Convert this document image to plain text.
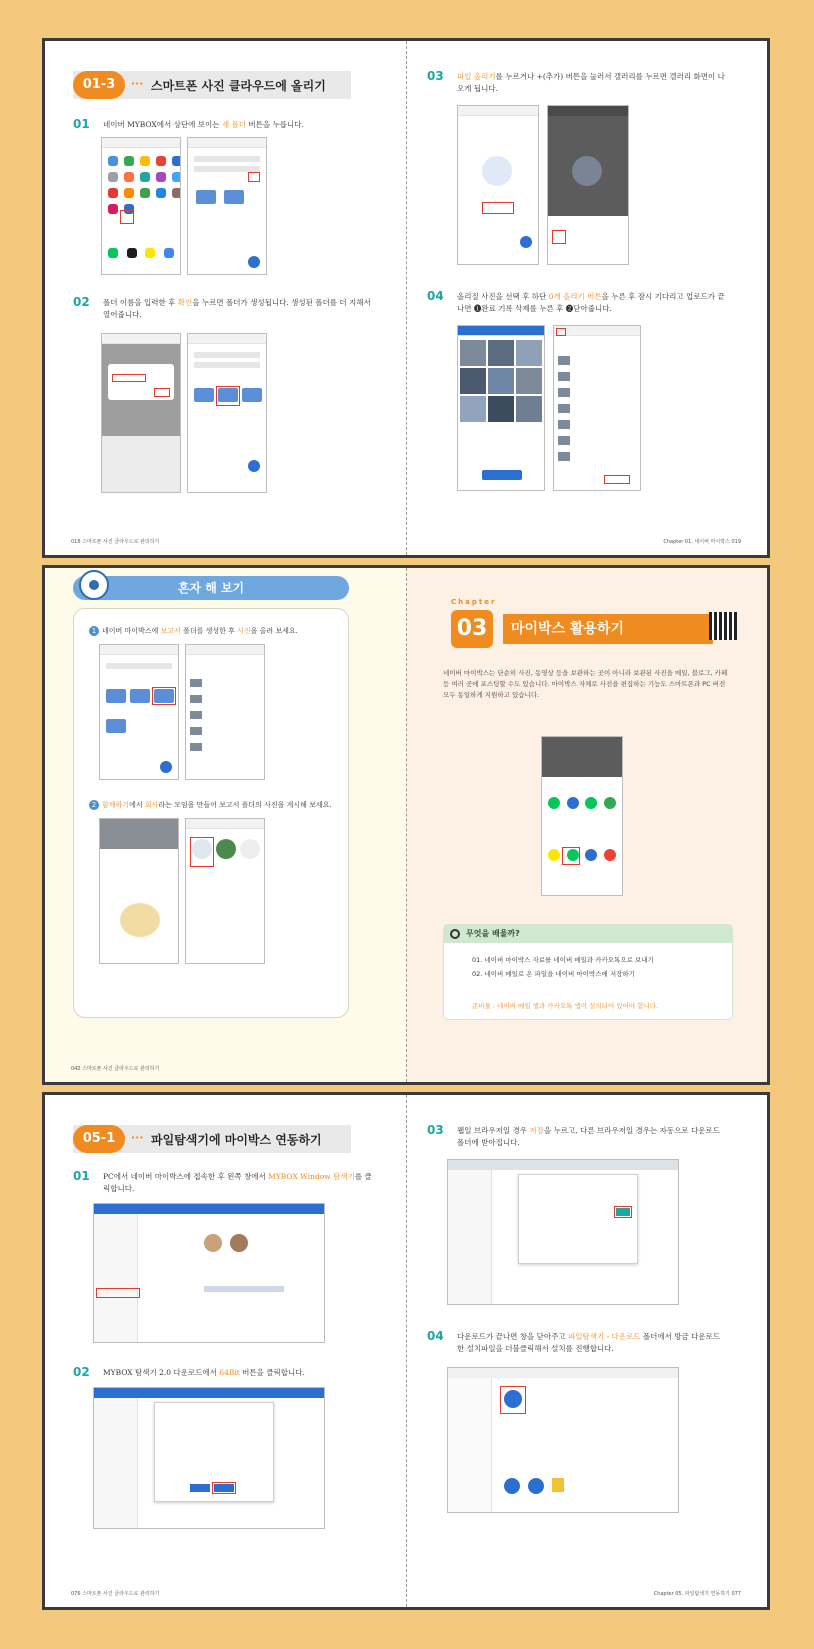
01-3	··· 스마트폰 사진 클라우드에 올리기
01	네이버 MYBOX에서 상단에 보이는 새 폴더 버튼을 누릅니다.
02	폴더 이름을 입력한 후 확인을 누르면 폴더가 생성됩니다. 생성된 폴더를 더 지해서 열어줍니다.
018 스마트폰 사진 클라우드로 관리하기
03	파일 올리기를 누르거나 +(추가) 버튼을 눌러서 갤러리를 누르면 갤러리 화면이 나오게 됩니다.
04	올리질 사진을 선택 후 하단 0개 올리기 버튼을 누른 후 잠시 기다리고 업로드가 끝나면 ❶완료 기록 삭제를 누른 후 ❷닫아줍니다.
Chapter 01. 네이버 마이박스 019
혼자 해 보기
1 네이버 마이박스에 보고서 폴더를 생성한 후 사진을 올려 보세요.
2 함께하기에서 회사라는 모임을 만들어 보고서 폴더의 사진을 게시해 보세요.
042 스마트폰 사진 클라우드로 관리하기
Chapter
03	마이박스 활용하기
네이버 마이박스는 단순히 사진, 동영상 등을 보관하는 곳이 아니라 보관된 사진을 메일, 블로그, 카페 등 여러 곳에 포스팅할 수도 있습니다. 마이박스 자체로 사진을 편집하는 기능도 스마트폰과 PC 버전 모두 동일하게 지원하고 있습니다.
무엇을 배울까?
01. 네이버 마이박스 자료를 네이버 메일과 카카오톡으로 보내기
02. 네이버 메일로 온 파일을 네이버 마이박스에 저장하기
준비물 : 네이버 메일 앱과 카카오톡 앱이 설치되어 있어야 합니다.
05-1	··· 파일탐색기에 마이박스 연동하기
01	PC에서 네이버 마이박스에 접속한 후 왼쪽 창에서 MYBOX Window 탐색기를 클릭합니다.
02	MYBOX 탐색기 2.0 다운로드에서 64Bit 버튼을 클릭합니다.
076 스마트폰 사진 클라우드로 관리하기
03	웹일 브라우저일 경우 저장을 누르고, 다른 브라우저일 경우는 자동으로 다운로드 폴더에 받아집니다.
04	다운로드가 끝나면 창을 닫아주고 파일탐색기 - 다운로드 폴더에서 방금 다운로드한 설치파일을 더블클릭해서 설치를 진행합니다.
Chapter 05. 파일탐색기 연동하기 077
